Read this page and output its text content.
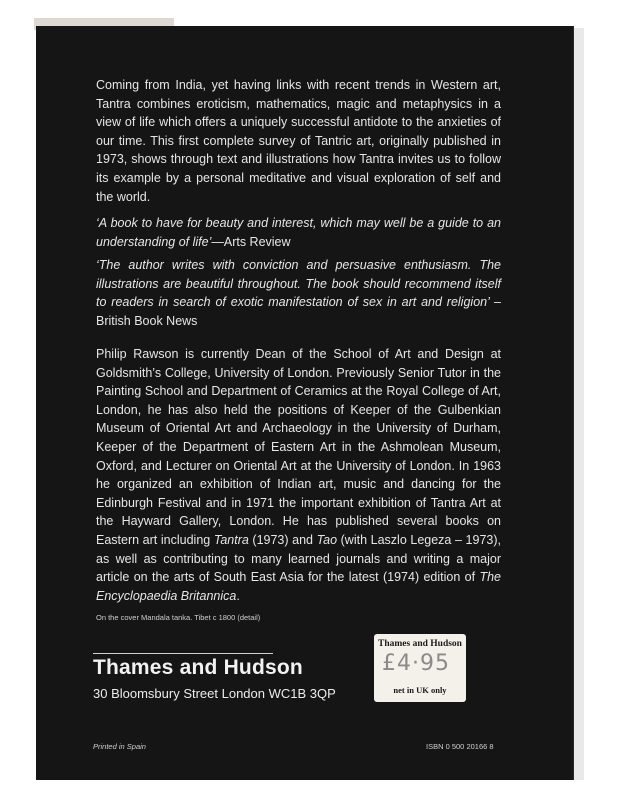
Coming from India, yet having links with recent trends in Western art, Tantra combines eroticism, mathematics, magic and metaphysics in a view of life which offers a uniquely successful antidote to the anxieties of our time. This first complete survey of Tantric art, originally published in 1973, shows through text and illustrations how Tantra invites us to follow its example by a personal meditative and visual exploration of self and the world.
‘A book to have for beauty and interest, which may well be a guide to an understanding of life’—Arts Review
‘The author writes with conviction and persuasive enthusiasm. The illustrations are beautiful throughout. The book should recommend itself to readers in search of exotic manifestation of sex in art and religion’ – British Book News
Philip Rawson is currently Dean of the School of Art and Design at Goldsmith’s College, University of London. Previously Senior Tutor in the Painting School and Department of Ceramics at the Royal College of Art, London, he has also held the positions of Keeper of the Gulbenkian Museum of Oriental Art and Archaeology in the University of Durham, Keeper of the Department of Eastern Art in the Ashmolean Museum, Oxford, and Lecturer on Oriental Art at the University of London. In 1963 he organized an exhibition of Indian art, music and dancing for the Edinburgh Festival and in 1971 the important exhibition of Tantra Art at the Hayward Gallery, London. He has published several books on Eastern art including Tantra (1973) and Tao (with Laszlo Legeza – 1973), as well as contributing to many learned journals and writing a major article on the arts of South East Asia for the latest (1974) edition of The Encyclopaedia Britannica.
On the cover Mandala tanka. Tibet c 1800 (detail)
Thames and Hudson
30 Bloomsbury Street London WC1B 3QP
Thames and Hudson
£4·95
net in UK only
Printed in Spain	ISBN 0 500 20166 8
